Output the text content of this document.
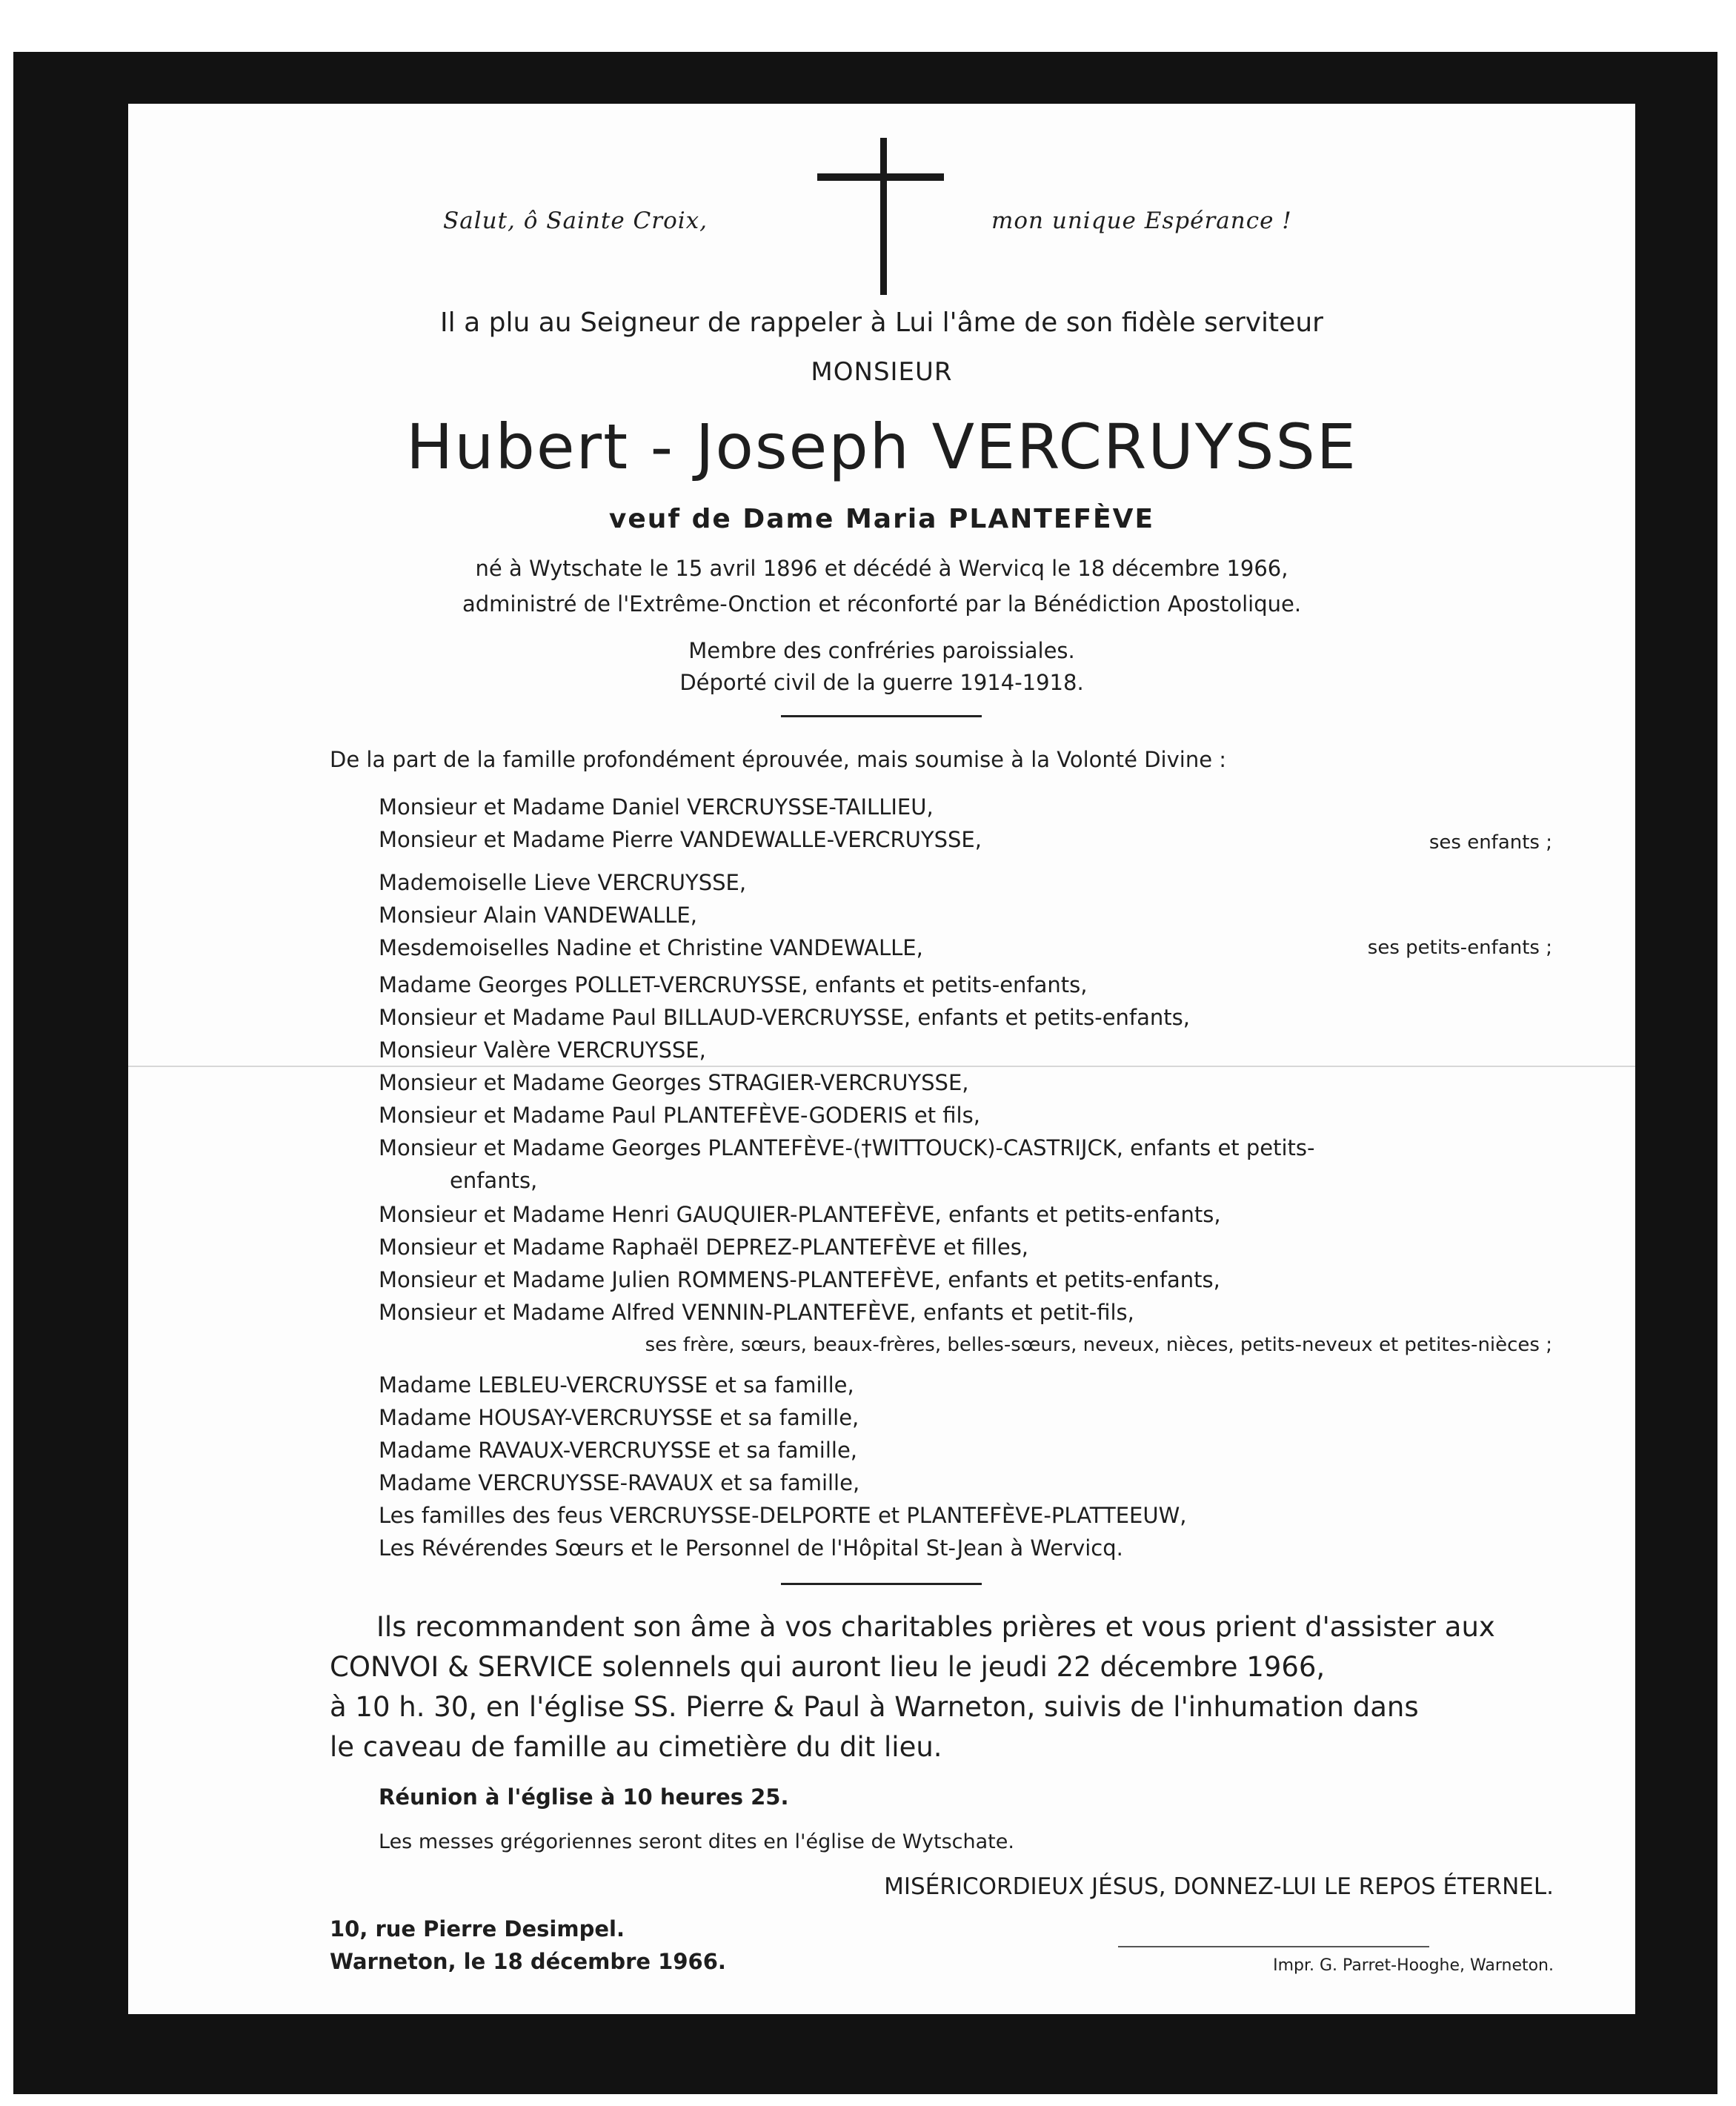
Salut, ô Sainte Croix,	mon unique Espérance !
Il a plu au Seigneur de rappeler à Lui l'âme de son fidèle serviteur
MONSIEUR
Hubert - Joseph VERCRUYSSE
veuf de Dame Maria PLANTEFÈVE
né à Wytschate le 15 avril 1896 et décédé à Wervicq le 18 décembre 1966,
administré de l'Extrême-Onction et réconforté par la Bénédiction Apostolique.
Membre des confréries paroissiales.
Déporté civil de la guerre 1914-1918.
De la part de la famille profondément éprouvée, mais soumise à la Volonté Divine :
Monsieur et Madame Daniel VERCRUYSSE-TAILLIEU,
Monsieur et Madame Pierre VANDEWALLE-VERCRUYSSE,	ses enfants ;
Mademoiselle Lieve VERCRUYSSE,
Monsieur Alain VANDEWALLE,
Mesdemoiselles Nadine et Christine VANDEWALLE,	ses petits-enfants ;
Madame Georges POLLET-VERCRUYSSE, enfants et petits-enfants,
Monsieur et Madame Paul BILLAUD-VERCRUYSSE, enfants et petits-enfants,
Monsieur Valère VERCRUYSSE,
Monsieur et Madame Georges STRAGIER-VERCRUYSSE,
Monsieur et Madame Paul PLANTEFÈVE-GODERIS et fils,
Monsieur et Madame Georges PLANTEFÈVE-(†WITTOUCK)-CASTRIJCK, enfants et petits-
enfants,
Monsieur et Madame Henri GAUQUIER-PLANTEFÈVE, enfants et petits-enfants,
Monsieur et Madame Raphaël DEPREZ-PLANTEFÈVE et filles,
Monsieur et Madame Julien ROMMENS-PLANTEFÈVE, enfants et petits-enfants,
Monsieur et Madame Alfred VENNIN-PLANTEFÈVE, enfants et petit-fils,
ses frère, sœurs, beaux-frères, belles-sœurs, neveux, nièces, petits-neveux et petites-nièces ;
Madame LEBLEU-VERCRUYSSE et sa famille,
Madame HOUSAY-VERCRUYSSE et sa famille,
Madame RAVAUX-VERCRUYSSE et sa famille,
Madame VERCRUYSSE-RAVAUX et sa famille,
Les familles des feus VERCRUYSSE-DELPORTE et PLANTEFÈVE-PLATTEEUW,
Les Révérendes Sœurs et le Personnel de l'Hôpital St-Jean à Wervicq.
Ils recommandent son âme à vos charitables prières et vous prient d'assister aux
CONVOI & SERVICE solennels qui auront lieu le jeudi 22 décembre 1966,
à 10 h. 30, en l'église SS. Pierre & Paul à Warneton, suivis de l'inhumation dans
le caveau de famille au cimetière du dit lieu.
Réunion à l'église à 10 heures 25.
Les messes grégoriennes seront dites en l'église de Wytschate.
MISÉRICORDIEUX JÉSUS, DONNEZ-LUI LE REPOS ÉTERNEL.
10, rue Pierre Desimpel.
Warneton, le 18 décembre 1966.	Impr. G. Parret-Hooghe, Warneton.
